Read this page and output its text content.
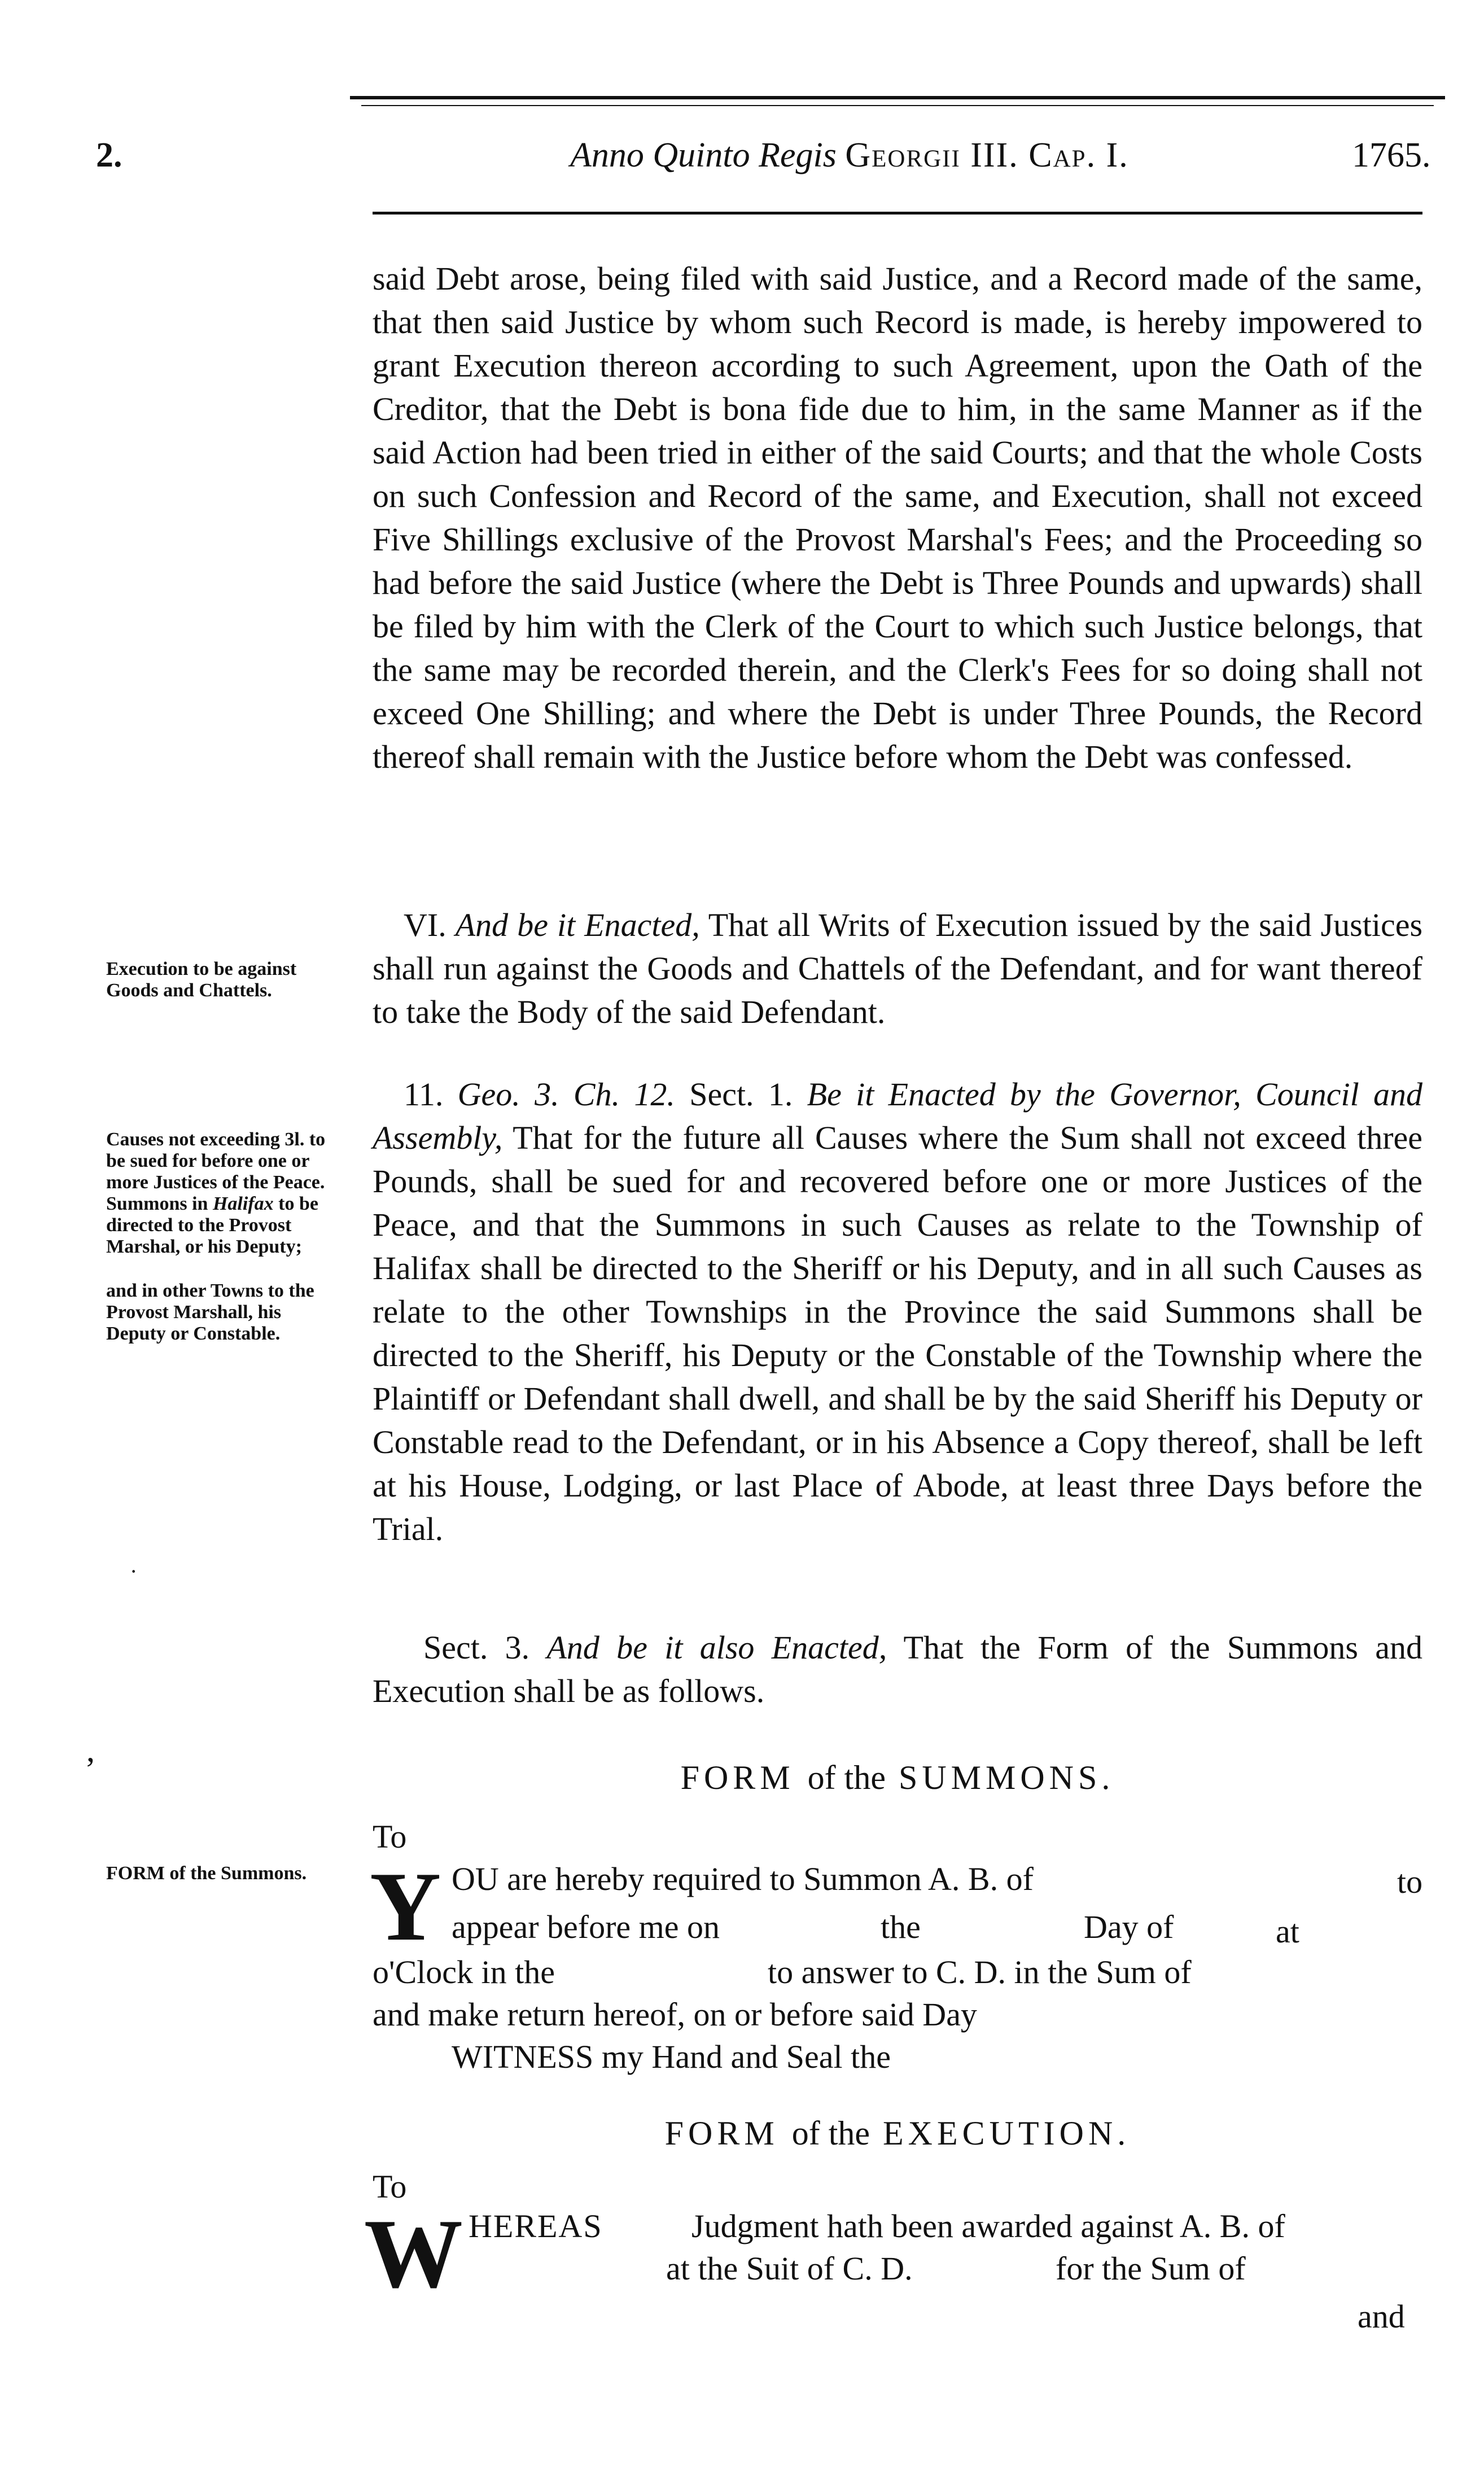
2.	Anno Quinto Regis Georgii III. Cap. I.	1765.

said Debt arose, being filed with said Justice, and a Record made of the same, that then said Justice by whom such Record is made, is hereby impowered to grant Execution thereon according to such Agreement, upon the Oath of the Creditor, that the Debt is bona fide due to him, in the same Manner as if the said Action had been tried in either of the said Courts; and that the whole Costs on such Confession and Record of the same, and Execution, shall not exceed Five Shillings exclusive of the Provost Marshal's Fees; and the Proceeding so had before the said Justice (where the Debt is Three Pounds and upwards) shall be filed by him with the Clerk of the Court to which such Justice belongs, that the same may be recorded therein, and the Clerk's Fees for so doing shall not exceed One Shilling; and where the Debt is under Three Pounds, the Record thereof shall remain with the Justice before whom the Debt was confessed.

VI. And be it Enacted, That all Writs of Execution issued by the said Justices shall run against the Goods and Chattels of the Defendant, and for want thereof to take the Body of the said Defendant.

11. Geo. 3. Ch. 12. Sect. 1. Be it Enacted by the Governor, Council and Assembly, That for the future all Causes where the Sum shall not exceed three Pounds, shall be sued for and recovered before one or more Justices of the Peace, and that the Summons in such Causes as relate to the Township of Halifax shall be directed to the Sheriff or his Deputy, and in all such Causes as relate to the other Townships in the Province the said Summons shall be directed to the Sheriff, his Deputy or the Constable of the Township where the Plaintiff or Defendant shall dwell, and shall be by the said Sheriff his Deputy or Constable read to the Defendant, or in his Absence a Copy thereof, shall be left at his House, Lodging, or last Place of Abode, at least three Days before the Trial.

Sect. 3. And be it also Enacted, That the Form of the Summons and Execution shall be as follows.

Execution to be against Goods and Chattels.
Causes not exceeding 3l. to be sued for before one or more Justices of the Peace.
Summons in Halifax to be directed to the Provost Marshal, or his Deputy;
and in other Towns to the Provost Marshall, his Deputy or Constable.
FORM of the Summons.
·
ʼ	FORM of the SUMMONS.
To
Y OU are hereby required to Summon A. B. of	to
appear before me on	the	Day of	at
o'Clock in the	to answer to C. D. in the Sum of
and make return hereof, on or before said Day
WITNESS my Hand and Seal the
FORM of the EXECUTION.
To
W HEREAS	Judgment hath been awarded against A. B. of
at the Suit of C. D.	for the Sum of
and
